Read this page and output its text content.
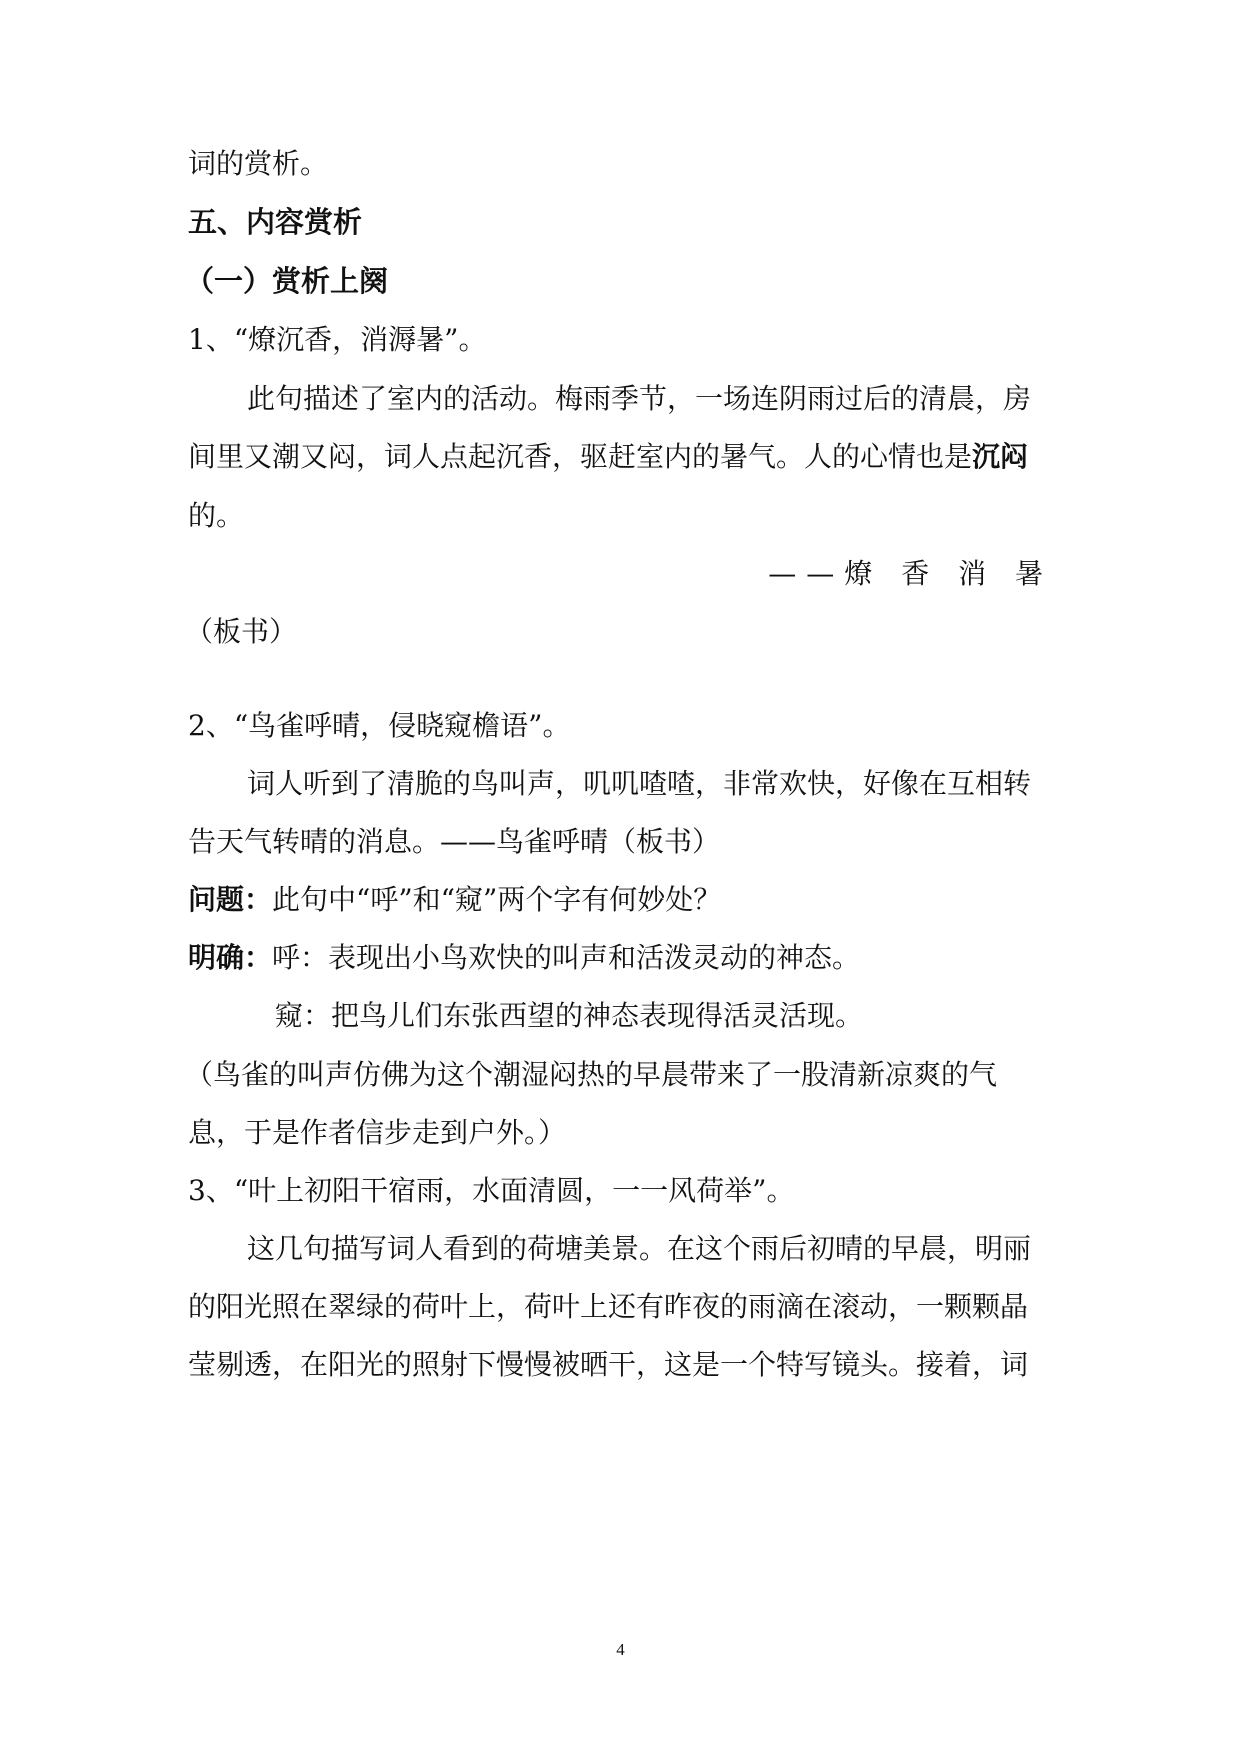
词的赏析。
五、内容赏析
（一）赏析上阕
1、“燎沉香，消溽暑”。
此句描述了室内的活动。梅雨季节，一场连阴雨过后的清晨，房
间里又潮又闷，词人点起沉香，驱赶室内的暑气。人的心情也是沉闷
的。
——燎 香 消 暑
（板书）
2、“鸟雀呼晴，侵晓窥檐语”。
词人听到了清脆的鸟叫声，叽叽喳喳，非常欢快，好像在互相转
告天气转晴的消息。——鸟雀呼晴（板书）
问题：此句中“呼”和“窥”两个字有何妙处？
明确：呼：表现出小鸟欢快的叫声和活泼灵动的神态。
窥：把鸟儿们东张西望的神态表现得活灵活现。
（鸟雀的叫声仿佛为这个潮湿闷热的早晨带来了一股清新凉爽的气
息，于是作者信步走到户外。）
3、“叶上初阳干宿雨，水面清圆，一一风荷举”。
这几句描写词人看到的荷塘美景。在这个雨后初晴的早晨，明丽
的阳光照在翠绿的荷叶上，荷叶上还有昨夜的雨滴在滚动，一颗颗晶
莹剔透，在阳光的照射下慢慢被晒干，这是一个特写镜头。接着，词
4
